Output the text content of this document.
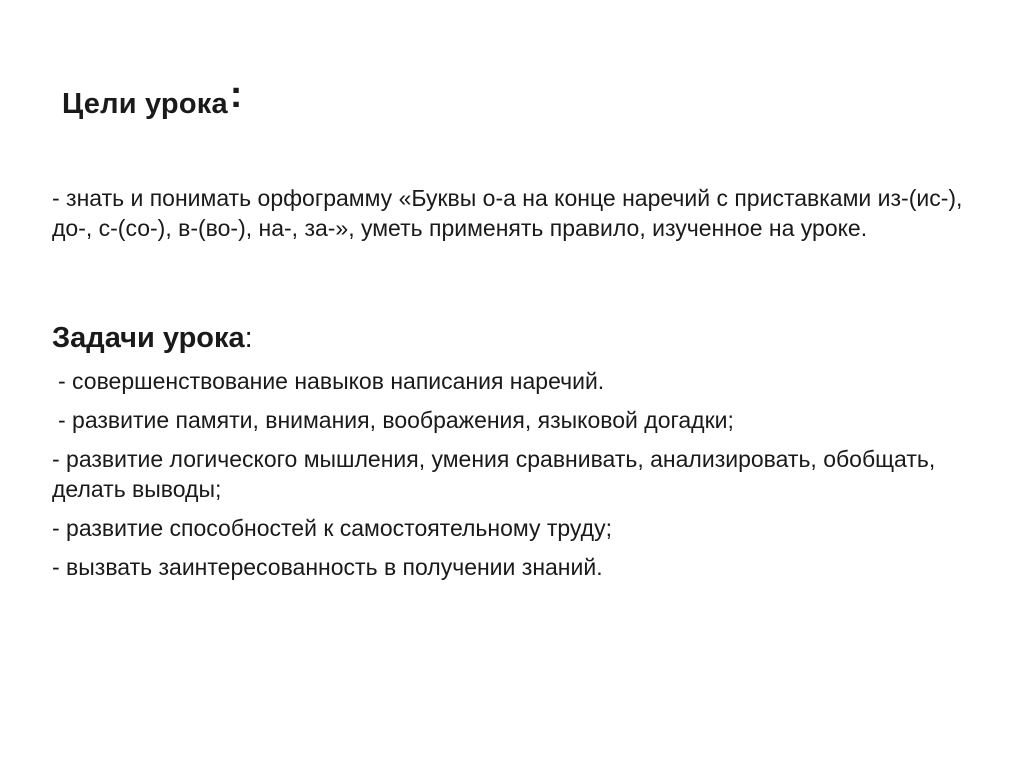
Цели урока:
- знать и понимать орфограмму «Буквы о-а на конце наречий с приставками из-(ис-), до-, с-(со-), в-(во-), на-, за-», уметь применять правило, изученное на уроке.
Задачи урока:
- совершенствование навыков написания наречий.
- развитие памяти, внимания, воображения, языковой догадки;
- развитие логического мышления, умения сравнивать, анализировать, обобщать, делать выводы;
- развитие способностей к самостоятельному труду;
- вызвать заинтересованность в получении знаний.
